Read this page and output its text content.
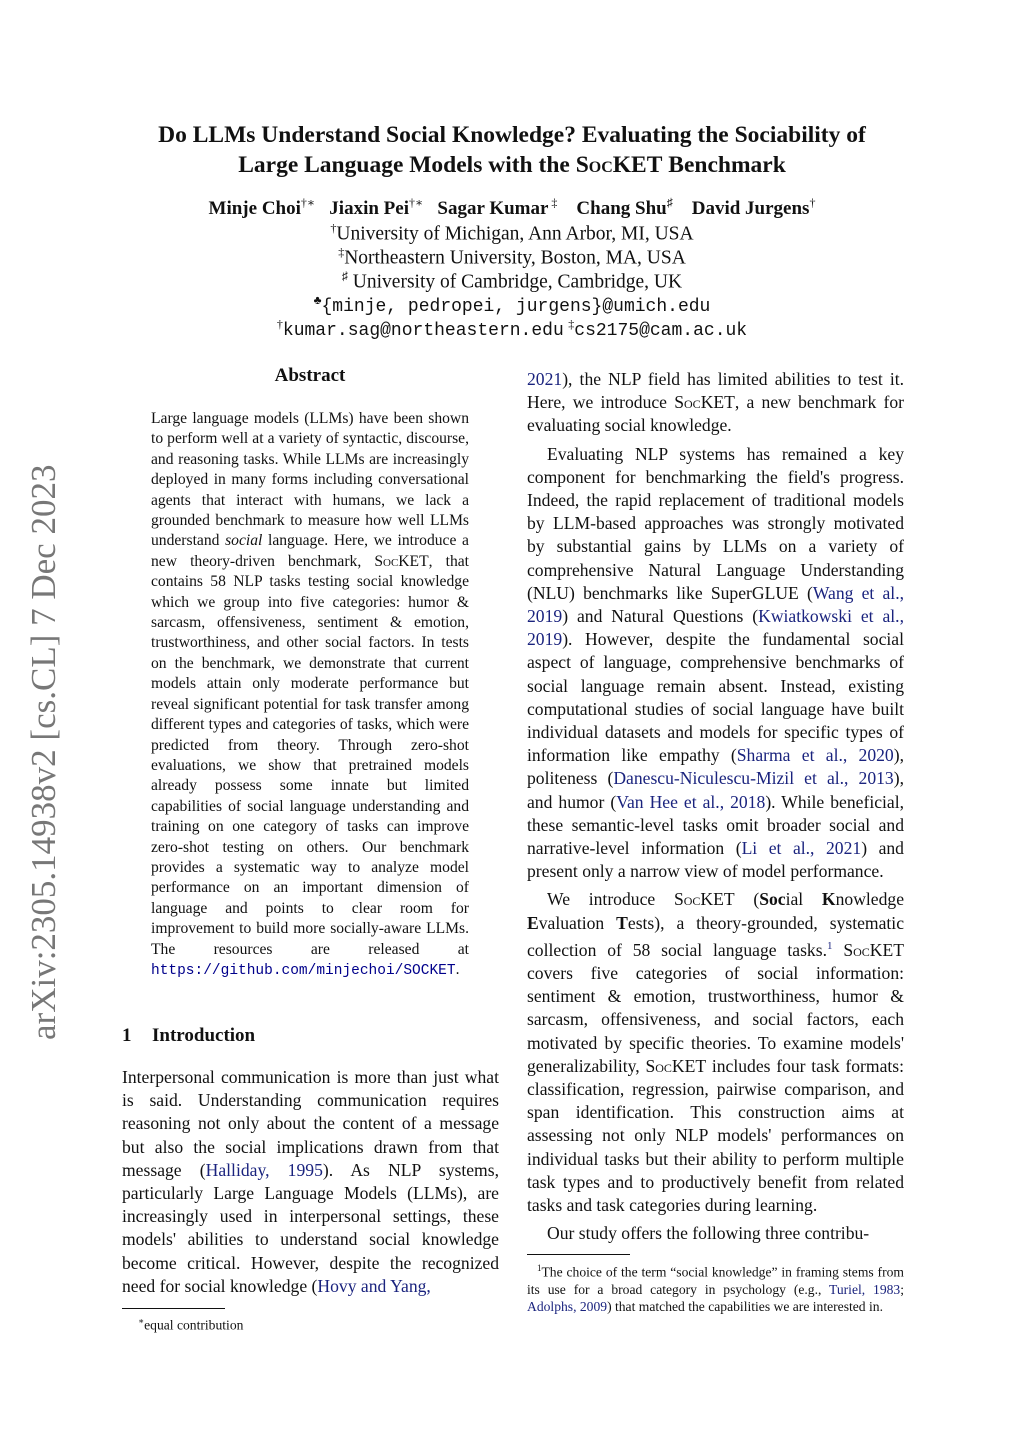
arXiv:2305.14938v2 [cs.CL] 7 Dec 2023
Do LLMs Understand Social Knowledge? Evaluating the Sociability of
Large Language Models with the SocKET Benchmark
Minje Choi†∗ Jiaxin Pei†∗ Sagar Kumar ‡ Chang Shu♯ David Jurgens†
†University of Michigan, Ann Arbor, MI, USA
‡Northeastern University, Boston, MA, USA
♯ University of Cambridge, Cambridge, UK
♣{minje, pedropei, jurgens}@umich.edu
†kumar.sag@northeastern.edu ‡cs2175@cam.ac.uk
Abstract
Large language models (LLMs) have been shown to perform well at a variety of syntactic, discourse, and reasoning tasks. While LLMs are increasingly deployed in many forms including conversational agents that interact with humans, we lack a grounded benchmark to measure how well LLMs understand social language. Here, we introduce a new theory-driven benchmark, SocKET, that contains 58 NLP tasks testing social knowledge which we group into five categories: humor & sarcasm, offensiveness, sentiment & emotion, trustworthiness, and other social factors. In tests on the benchmark, we demonstrate that current models attain only moderate performance but reveal significant potential for task transfer among different types and categories of tasks, which were predicted from theory. Through zero-shot evaluations, we show that pretrained models already possess some innate but limited capabilities of social language understanding and training on one category of tasks can improve zero-shot testing on others. Our benchmark provides a systematic way to analyze model performance on an important dimension of language and points to clear room for improvement to build more socially-aware LLMs. The resources are released at https://github.com/minjechoi/SOCKET.
1 Introduction

Interpersonal communication is more than just what is said. Understanding communication requires reasoning not only about the content of a message but also the social implications drawn from that message (Halliday, 1995). As NLP systems, particularly Large Language Models (LLMs), are increasingly used in interpersonal settings, these models' abilities to understand social knowledge become critical. However, despite the recognized need for social knowledge (Hovy and Yang,

∗equal contribution

2021), the NLP field has limited abilities to test it. Here, we introduce SocKET, a new benchmark for evaluating social knowledge.

Evaluating NLP systems has remained a key component for benchmarking the field's progress. Indeed, the rapid replacement of traditional models by LLM-based approaches was strongly motivated by substantial gains by LLMs on a variety of comprehensive Natural Language Understanding (NLU) benchmarks like SuperGLUE (Wang et al., 2019) and Natural Questions (Kwiatkowski et al., 2019). However, despite the fundamental social aspect of language, comprehensive benchmarks of social language remain absent. Instead, existing computational studies of social language have built individual datasets and models for specific types of information like empathy (Sharma et al., 2020), politeness (Danescu-Niculescu-Mizil et al., 2013), and humor (Van Hee et al., 2018). While beneficial, these semantic-level tasks omit broader social and narrative-level information (Li et al., 2021) and present only a narrow view of model performance.

We introduce SocKET (Social Knowledge Evaluation Tests), a theory-grounded, systematic collection of 58 social language tasks.$^1$ SocKET covers five categories of social information: sentiment & emotion, trustworthiness, humor & sarcasm, offensiveness, and social factors, each motivated by specific theories. To examine models' generalizability, SocKET includes four task formats: classification, regression, pairwise comparison, and span identification. This construction aims at assessing not only NLP models' performances on individual tasks but their ability to perform multiple task types and to productively benefit from related tasks and task categories during learning.

Our study offers the following three contribu-

$^1$The choice of the term “social knowledge” in framing stems from its use for a broad category in psychology (e.g., Turiel, 1983; Adolphs, 2009) that matched the capabilities we are interested in.
